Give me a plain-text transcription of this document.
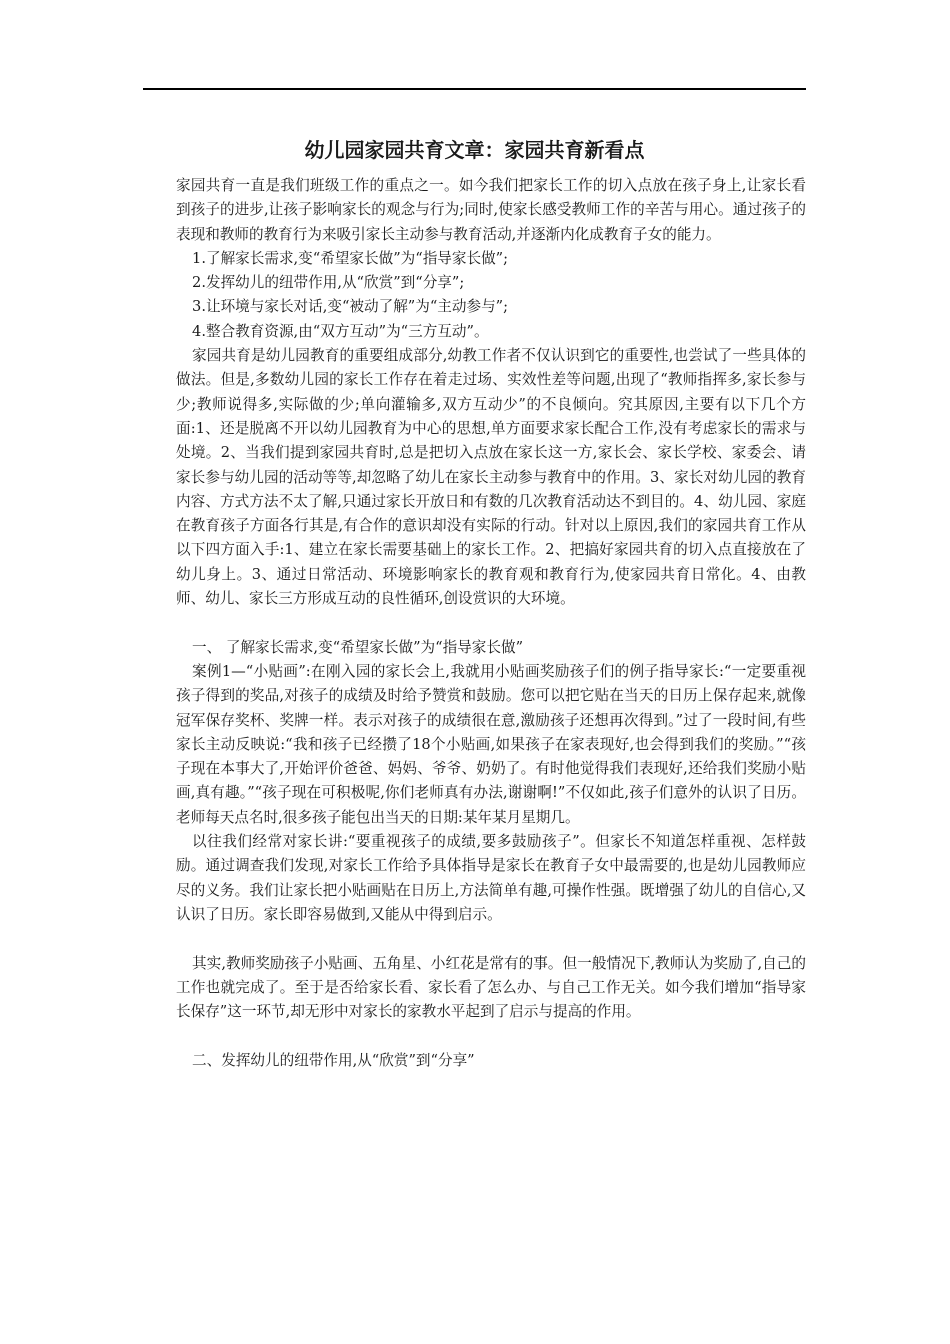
幼儿园家园共育文章：家园共育新看点

家园共育一直是我们班级工作的重点之一。如今我们把家长工作的切入点放在孩子身上,让家长看到孩子的进步,让孩子影响家长的观念与行为;同时,使家长感受教师工作的辛苦与用心。通过孩子的表现和教师的教育行为来吸引家长主动参与教育活动,并逐渐内化成教育子女的能力。

1.了解家长需求,变“希望家长做”为“指导家长做”;

2.发挥幼儿的纽带作用,从“欣赏”到“分享”;

3.让环境与家长对话,变“被动了解”为“主动参与”;

4.整合教育资源,由“双方互动”为“三方互动”。

家园共育是幼儿园教育的重要组成部分,幼教工作者不仅认识到它的重要性,也尝试了一些具体的做法。但是,多数幼儿园的家长工作存在着走过场、实效性差等问题,出现了“教师指挥多,家长参与少;教师说得多,实际做的少;单向灌输多,双方互动少”的不良倾向。究其原因,主要有以下几个方面:1、还是脱离不开以幼儿园教育为中心的思想,单方面要求家长配合工作,没有考虑家长的需求与处境。2、当我们提到家园共育时,总是把切入点放在家长这一方,家长会、家长学校、家委会、请家长参与幼儿园的活动等等,却忽略了幼儿在家长主动参与教育中的作用。3、家长对幼儿园的教育内容、方式方法不太了解,只通过家长开放日和有数的几次教育活动达不到目的。4、幼儿园、家庭在教育孩子方面各行其是,有合作的意识却没有实际的行动。针对以上原因,我们的家园共育工作从以下四方面入手:1、建立在家长需要基础上的家长工作。2、把搞好家园共育的切入点直接放在了幼儿身上。3、通过日常活动、环境影响家长的教育观和教育行为,使家园共育日常化。4、由教师、幼儿、家长三方形成互动的良性循环,创设赏识的大环境。

一、 了解家长需求,变“希望家长做”为“指导家长做”

案例1—“小贴画”:在刚入园的家长会上,我就用小贴画奖励孩子们的例子指导家长:“一定要重视孩子得到的奖品,对孩子的成绩及时给予赞赏和鼓励。您可以把它贴在当天的日历上保存起来,就像冠军保存奖杯、奖牌一样。表示对孩子的成绩很在意,激励孩子还想再次得到。”过了一段时间,有些家长主动反映说:“我和孩子已经攒了18个小贴画,如果孩子在家表现好,也会得到我们的奖励。”“孩子现在本事大了,开始评价爸爸、妈妈、爷爷、奶奶了。有时他觉得我们表现好,还给我们奖励小贴画,真有趣。”“孩子现在可积极呢,你们老师真有办法,谢谢啊!”不仅如此,孩子们意外的认识了日历。老师每天点名时,很多孩子能包出当天的日期:某年某月星期几。

以往我们经常对家长讲:“要重视孩子的成绩,要多鼓励孩子”。但家长不知道怎样重视、怎样鼓励。通过调查我们发现,对家长工作给予具体指导是家长在教育子女中最需要的,也是幼儿园教师应尽的义务。我们让家长把小贴画贴在日历上,方法简单有趣,可操作性强。既增强了幼儿的自信心,又认识了日历。家长即容易做到,又能从中得到启示。

其实,教师奖励孩子小贴画、五角星、小红花是常有的事。但一般情况下,教师认为奖励了,自己的工作也就完成了。至于是否给家长看、家长看了怎么办、与自己工作无关。如今我们增加“指导家长保存”这一环节,却无形中对家长的家教水平起到了启示与提高的作用。

二、发挥幼儿的纽带作用,从“欣赏”到“分享”
